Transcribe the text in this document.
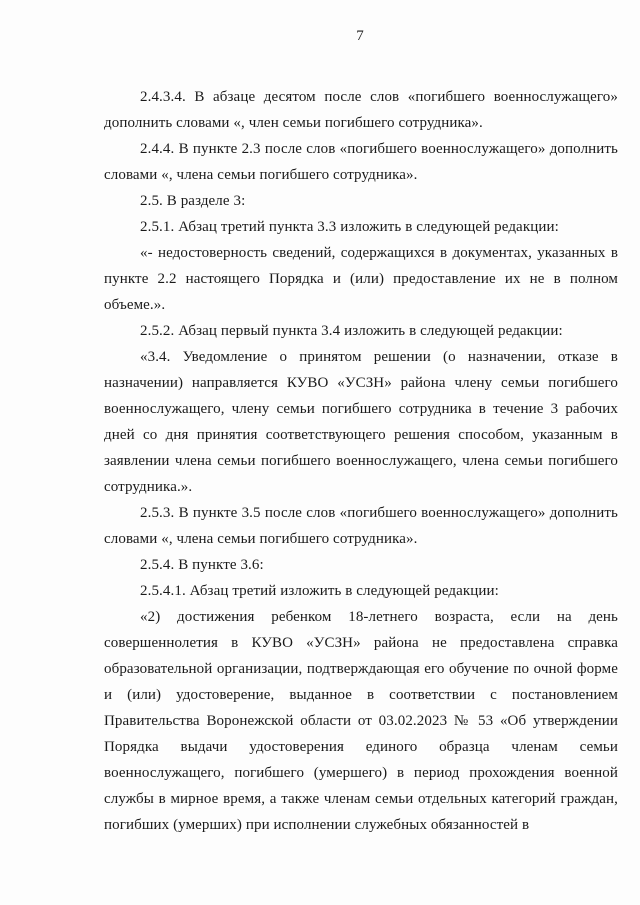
7

2.4.3.4. В абзаце десятом после слов «погибшего военнослужащего» дополнить словами «, член семьи погибшего сотрудника».

2.4.4. В пункте 2.3 после слов «погибшего военнослужащего» дополнить словами «, члена семьи погибшего сотрудника».

2.5. В разделе 3:

2.5.1. Абзац третий пункта 3.3 изложить в следующей редакции:

«- недостоверность сведений, содержащихся в документах, указанных в пункте 2.2 настоящего Порядка и (или) предоставление их не в полном объеме.».

2.5.2. Абзац первый пункта 3.4 изложить в следующей редакции:

«3.4. Уведомление о принятом решении (о назначении, отказе в назначении) направляется КУВО «УСЗН» района члену семьи погибшего военнослужащего, члену семьи погибшего сотрудника в течение 3 рабочих дней со дня принятия соответствующего решения способом, указанным в заявлении члена семьи погибшего военнослужащего, члена семьи погибшего сотрудника.».

2.5.3. В пункте 3.5 после слов «погибшего военнослужащего» дополнить словами «, члена семьи погибшего сотрудника».

2.5.4. В пункте 3.6:

2.5.4.1. Абзац третий изложить в следующей редакции:

«2) достижения ребенком 18-летнего возраста, если на день совершеннолетия в КУВО «УСЗН» района не предоставлена справка образовательной организации, подтверждающая его обучение по очной форме и (или) удостоверение, выданное в соответствии с постановлением Правительства Воронежской области от 03.02.2023 № 53 «Об утверждении Порядка выдачи удостоверения единого образца членам семьи военнослужащего, погибшего (умершего) в период прохождения военной службы в мирное время, а также членам семьи отдельных категорий граждан, погибших (умерших) при исполнении служебных обязанностей в
